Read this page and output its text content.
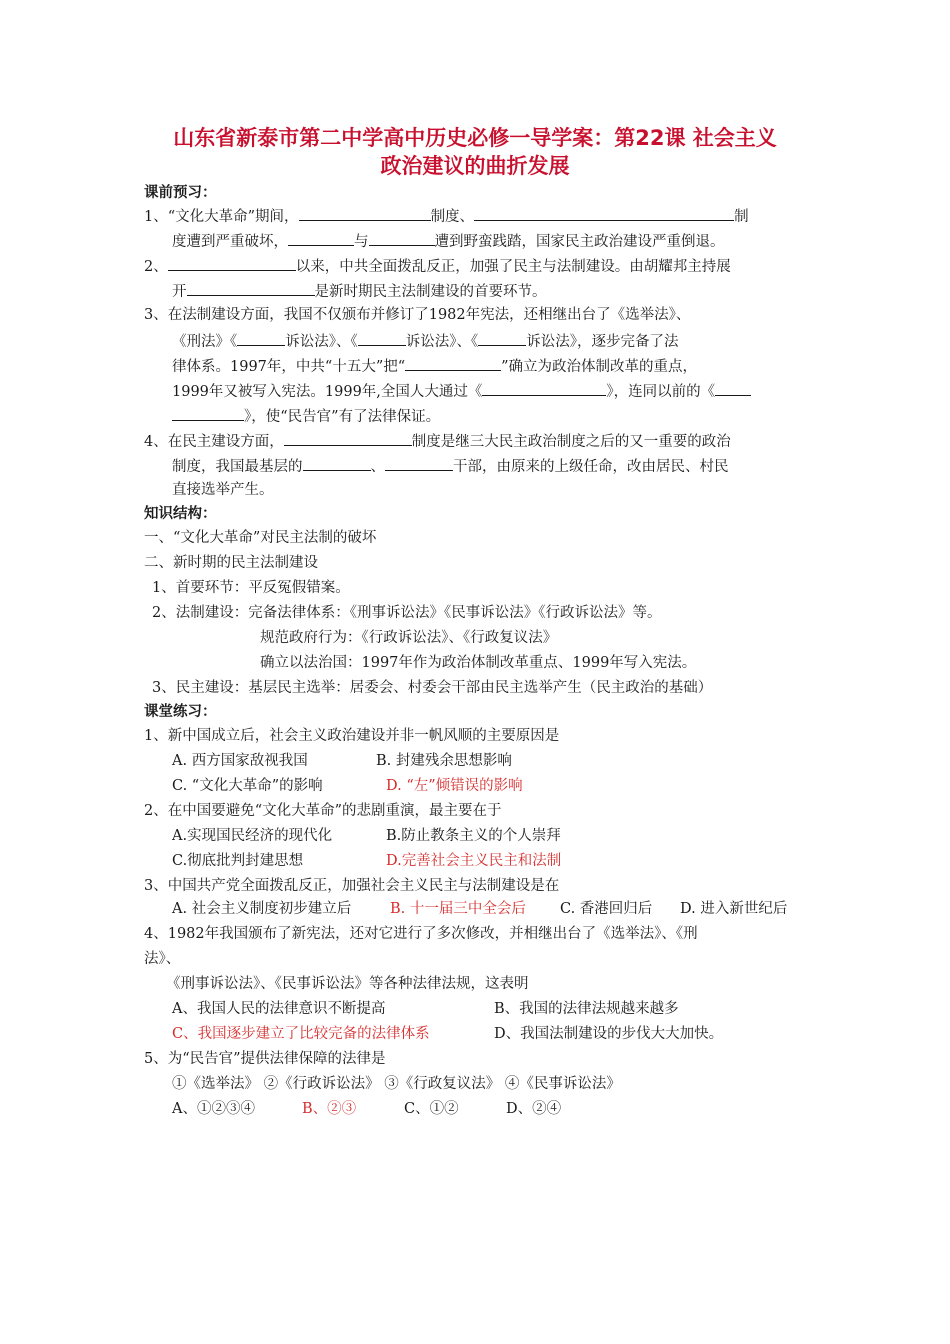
山东省新泰市第二中学高中历史必修一导学案：第22课 社会主义
政治建议的曲折发展
课前预习：
1、“文化大革命”期间，	制度、	制
度遭到严重破坏，	与	遭到野蛮践踏，国家民主政治建设严重倒退。
2、	以来，中共全面拨乱反正，加强了民主与法制建设。由胡耀邦主持展
开	是新时期民主法制建设的首要环节。
3、在法制建设方面，我国不仅颁布并修订了1982年宪法，还相继出台了《选举法》、
《刑法》《	诉讼法》、《	诉讼法》、《	诉讼法》，逐步完备了法
律体系。1997年，中共“十五大”把“	”确立为政治体制改革的重点，
1999年又被写入宪法。1999年,全国人大通过《	》，连同以前的《
》，使“民告官”有了法律保证。
4、在民主建设方面，	制度是继三大民主政治制度之后的又一重要的政治
制度，我国最基层的	、	干部，由原来的上级任命，改由居民、村民
直接选举产生。
知识结构：
一、“文化大革命”对民主法制的破坏
二、新时期的民主法制建设
1、首要环节：平反冤假错案。
2、法制建设：完备法律体系：《刑事诉讼法》《民事诉讼法》《行政诉讼法》等。
规范政府行为：《行政诉讼法》、《行政复议法》
确立以法治国：1997年作为政治体制改革重点、1999年写入宪法。
3、民主建设：基层民主选举：居委会、村委会干部由民主选举产生（民主政治的基础）
课堂练习：
1、新中国成立后，社会主义政治建设并非一帆风顺的主要原因是
A. 西方国家敌视我国	B. 封建残余思想影响
C. “文化大革命”的影响	D. “左”倾错误的影响
2、在中国要避免“文化大革命”的悲剧重演，最主要在于
A.实现国民经济的现代化	B.防止教条主义的个人崇拜
C.彻底批判封建思想	D.完善社会主义民主和法制
3、中国共产党全面拨乱反正，加强社会主义民主与法制建设是在
A. 社会主义制度初步建立后	B. 十一届三中全会后 C. 香港回归后 D. 进入新世纪后
4、1982年我国颁布了新宪法，还对它进行了多次修改，并相继出台了《选举法》、《刑
法》、
《刑事诉讼法》、《民事诉讼法》等各种法律法规，这表明
A、我国人民的法律意识不断提高	B、我国的法律法规越来越多
C、我国逐步建立了比较完备的法律体系	D、我国法制建设的步伐大大加快。
5、为“民告官”提供法律保障的法律是
①《选举法》 ②《行政诉讼法》 ③《行政复议法》 ④《民事诉讼法》
A、①②③④	B、②③	C、①②	D、②④
